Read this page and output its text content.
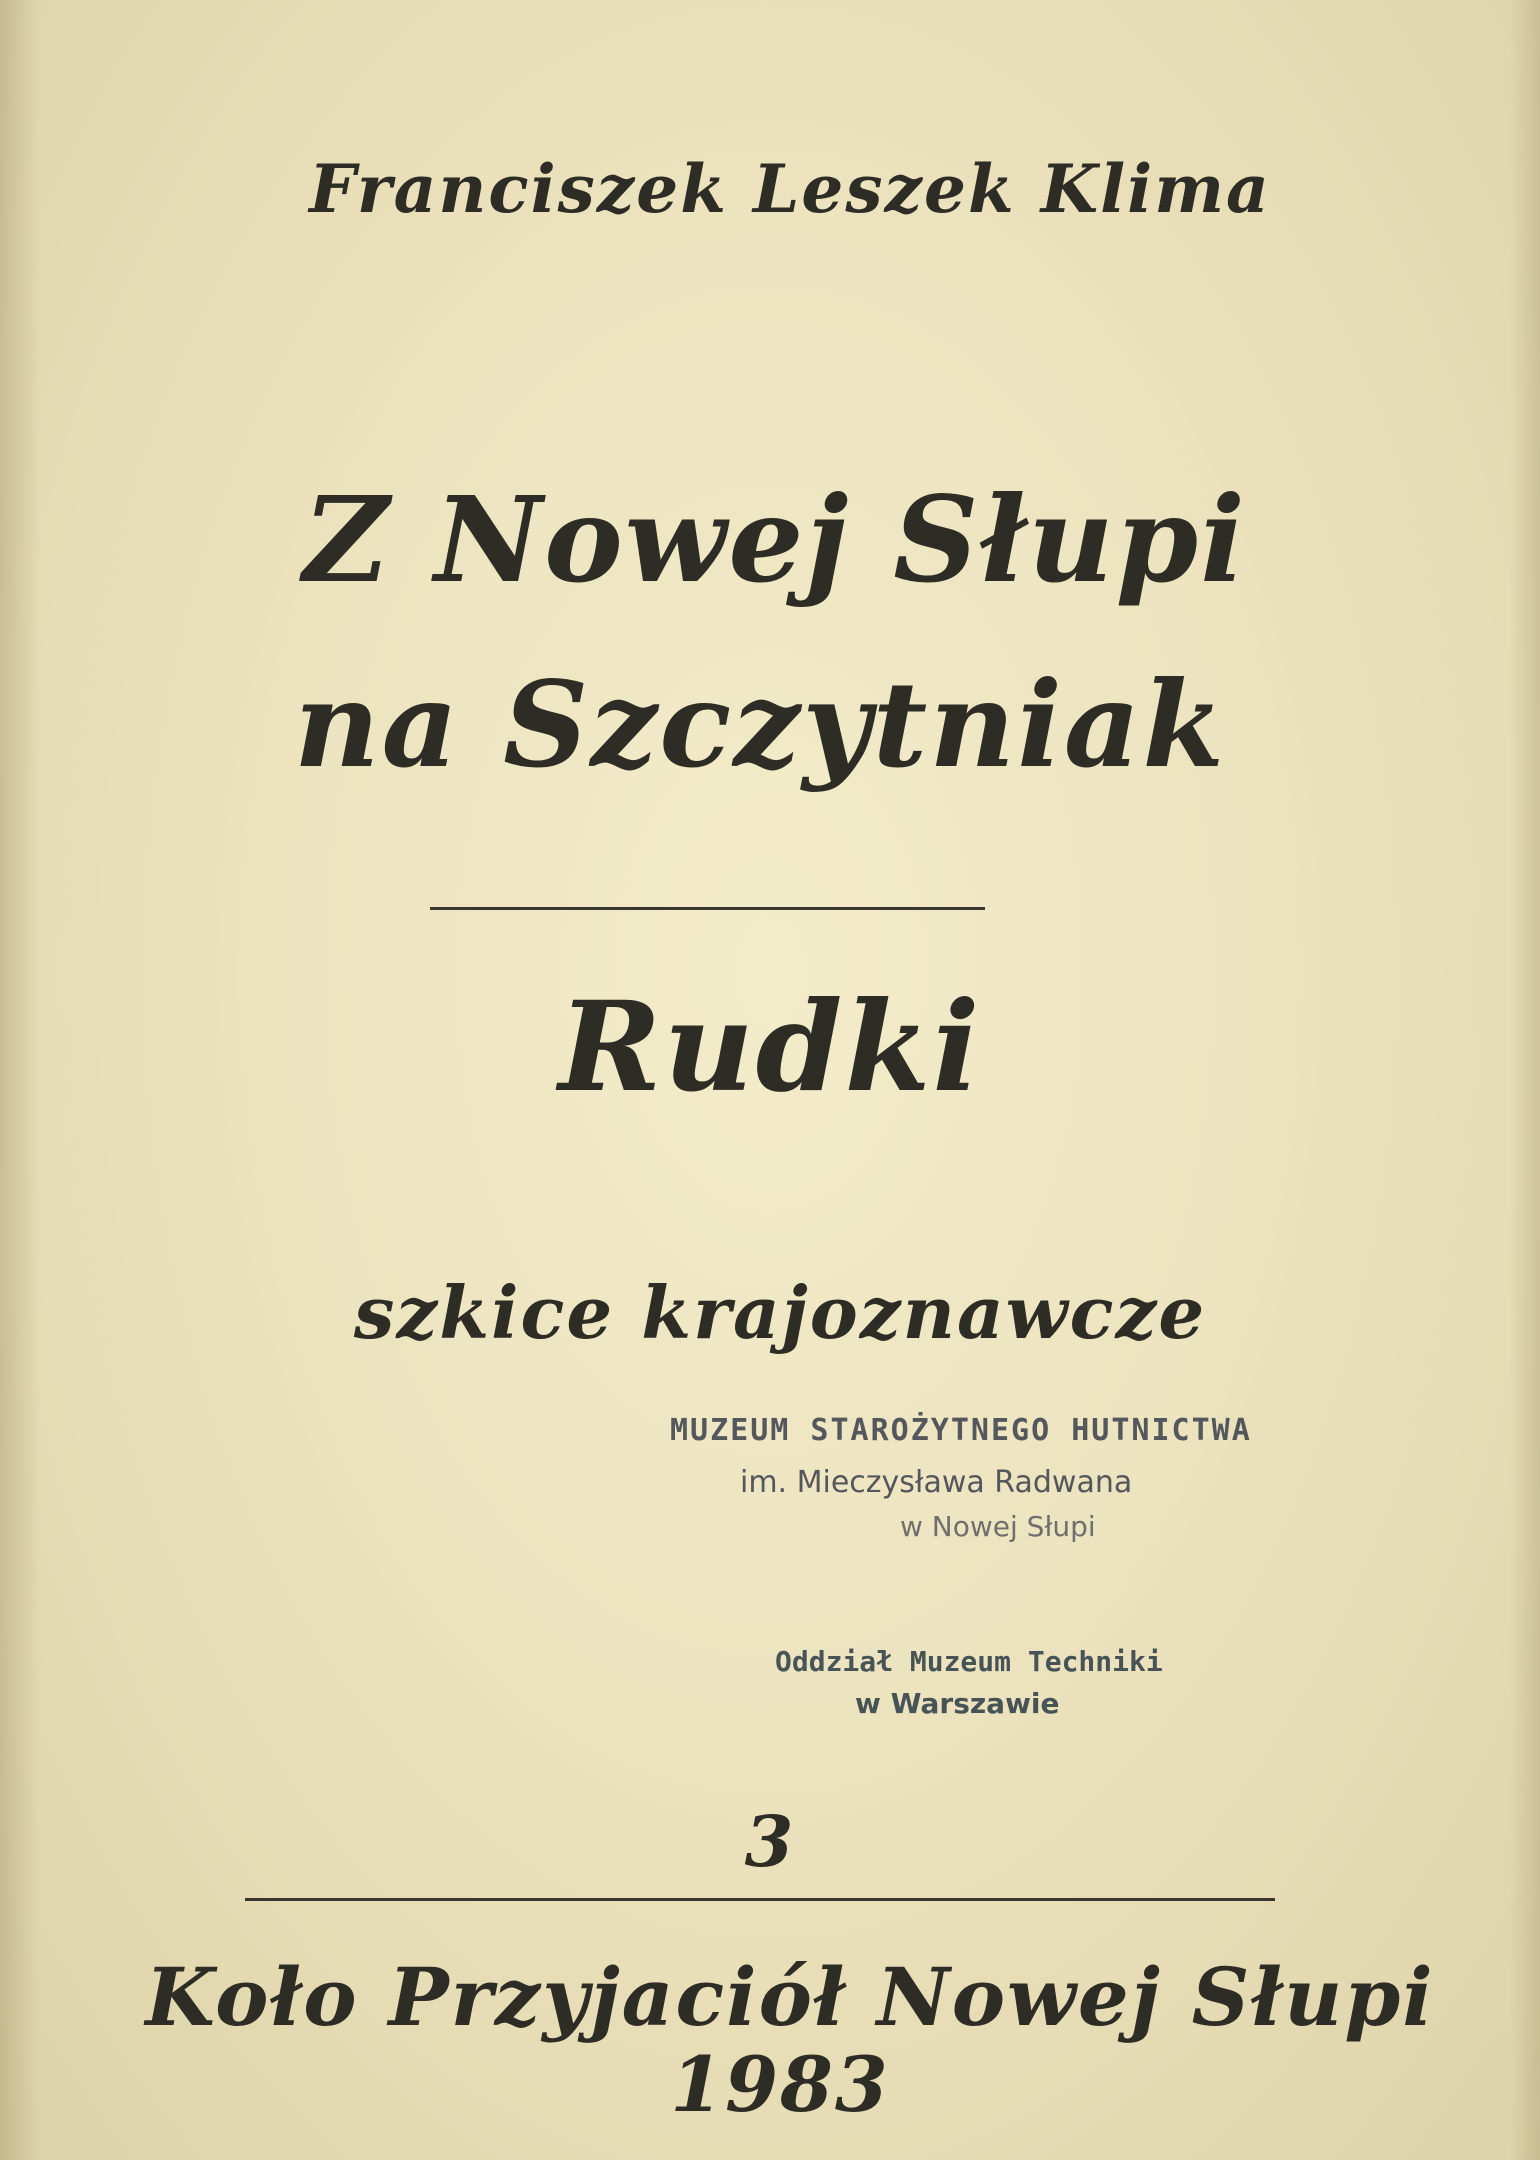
Franciszek Leszek Klima
Z Nowej Słupi
na Szczytniak
Rudki
szkice krajoznawcze
MUZEUM STAROŻYTNEGO HUTNICTWA
im. Mieczysława Radwana
w Nowej Słupi
Oddział Muzeum Techniki
w Warszawie
3
Koło Przyjaciół Nowej Słupi
1983
